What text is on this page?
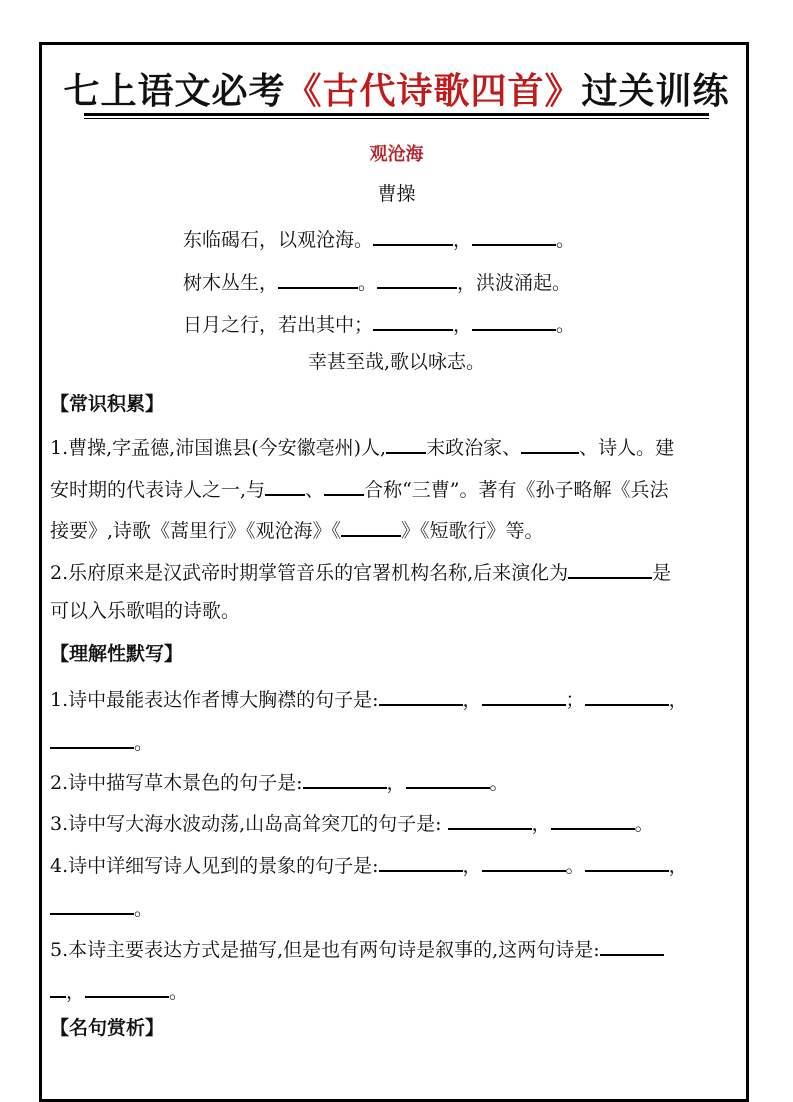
七上语文必考《古代诗歌四首》过关训练
观沧海
曹操
东临碣石，以观沧海。	，	。
树木丛生，	。	，洪波涌起。
日月之行，若出其中；	，	。
幸甚至哉,歌以咏志。
【常识积累】
1.曹操,字孟德,沛国谯县(今安徽亳州)人, 末政治家、	、诗人。建
安时期的代表诗人之一,与 、 合称“三曹”。著有《孙子略解《兵法
接要》,诗歌《蒿里行》《观沧海》《	》《短歌行》等。
2.乐府原来是汉武帝时期掌管音乐的官署机构名称,后来演化为	是
可以入乐歌唱的诗歌。
【理解性默写】
1.诗中最能表达作者博大胸襟的句子是:	，	；	，
。
2.诗中描写草木景色的句子是:	，	。
3.诗中写大海水波动荡,山岛高耸突兀的句子是:	，	。
4.诗中详细写诗人见到的景象的句子是:	，	。	，
。
5.本诗主要表达方式是描写,但是也有两句诗是叙事的,这两句诗是:
，	。
【名句赏析】
